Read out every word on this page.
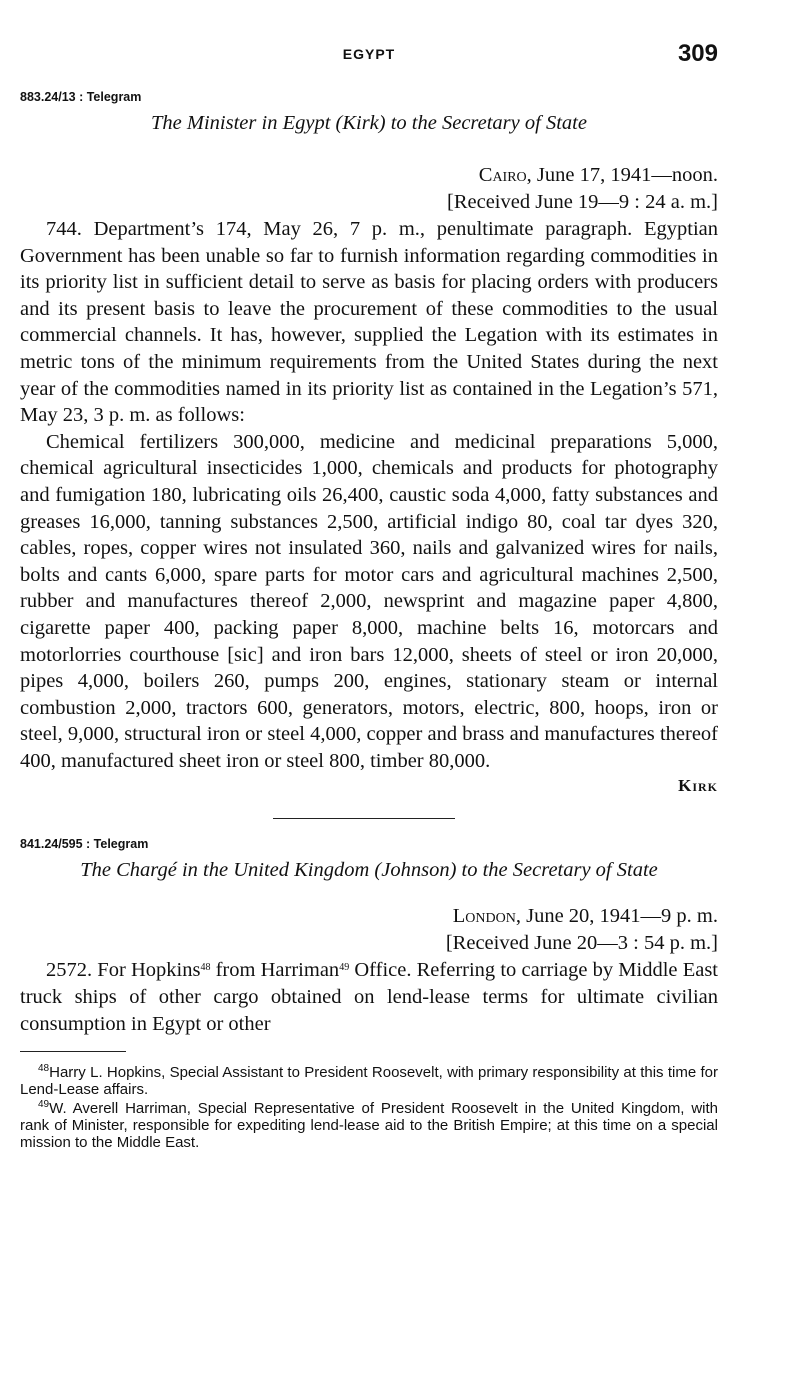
EGYPT	309
883.24/13 : Telegram
The Minister in Egypt (Kirk) to the Secretary of State
Cairo, June 17, 1941—noon.
[Received June 19—9 : 24 a. m.]

744. Department’s 174, May 26, 7 p. m., penultimate paragraph. Egyptian Government has been unable so far to furnish information regarding commodities in its priority list in sufficient detail to serve as basis for placing orders with producers and its present basis to leave the procurement of these commodities to the usual commercial channels. It has, however, supplied the Legation with its estimates in metric tons of the minimum requirements from the United States during the next year of the commodities named in its priority list as contained in the Legation’s 571, May 23, 3 p. m. as follows:

Chemical fertilizers 300,000, medicine and medicinal preparations 5,000, chemical agricultural insecticides 1,000, chemicals and products for photography and fumigation 180, lubricating oils 26,400, caustic soda 4,000, fatty substances and greases 16,000, tanning substances 2,500, artificial indigo 80, coal tar dyes 320, cables, ropes, copper wires not insulated 360, nails and galvanized wires for nails, bolts and cants 6,000, spare parts for motor cars and agricultural machines 2,500, rubber and manufactures thereof 2,000, newsprint and magazine paper 4,800, cigarette paper 400, packing paper 8,000, machine belts 16, motorcars and motorlorries courthouse [sic] and iron bars 12,000, sheets of steel or iron 20,000, pipes 4,000, boilers 260, pumps 200, engines, stationary steam or internal combustion 2,000, tractors 600, generators, motors, electric, 800, hoops, iron or steel, 9,000, structural iron or steel 4,000, copper and brass and manufactures thereof 400, manufactured sheet iron or steel 800, timber 80,000.

Kirk
841.24/595 : Telegram
The Chargé in the United Kingdom (Johnson) to the Secretary of State
London, June 20, 1941—9 p. m.
[Received June 20—3 : 54 p. m.]

2572. For Hopkins$^{48}$ from Harriman$^{49}$ Office. Referring to carriage by Middle East truck ships of other cargo obtained on lend-lease terms for ultimate civilian consumption in Egypt or other

$^{48}$Harry L. Hopkins, Special Assistant to President Roosevelt, with primary responsibility at this time for Lend-Lease affairs.

$^{49}$W. Averell Harriman, Special Representative of President Roosevelt in the United Kingdom, with rank of Minister, responsible for expediting lend-lease aid to the British Empire; at this time on a special mission to the Middle East.
